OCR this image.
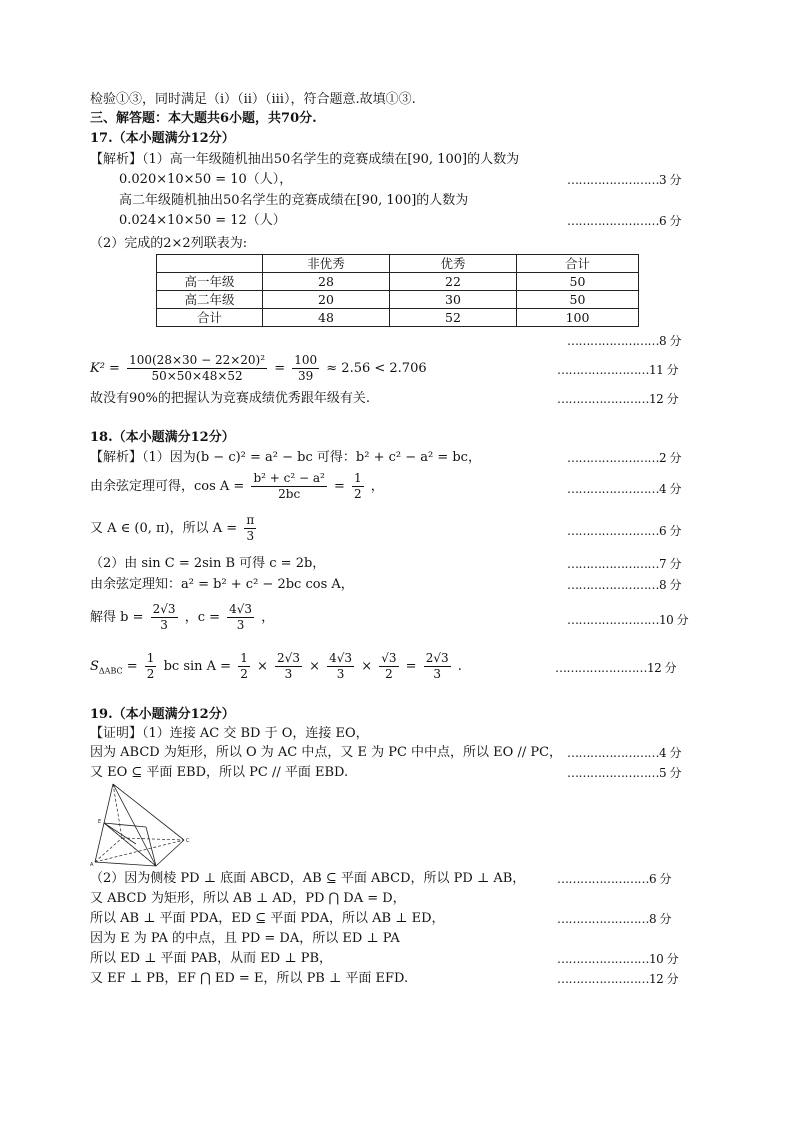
检验①③，同时满足（ⅰ）（ⅱ）（ⅲ），符合题意.故填①③.
三、解答题：本大题共6小题，共70分.
17.（本小题满分12分）
【解析】（1）高一年级随机抽出50名学生的竞赛成绩在[90, 100]的人数为
0.020×10×50 = 10（人），	……………………3 分
高二年级随机抽出50名学生的竞赛成绩在[90, 100]的人数为
0.024×10×50 = 12（人）	……………………6 分
（2）完成的2×2列联表为:
	非优秀	优秀	合计
高一年级	28	22	50
高二年级	20	30	50
合计	48	52	100
……………………8 分
$K^2 = \frac{\text{100(28×30 − 22×20)²}}{50\times 50\times 48\times 52} = \frac{100}{39} \approx 2.56 < 2.706$	……………………11 分
故没有90%的把握认为竞赛成绩优秀跟年级有关.	……………………12 分
18.（本小题满分12分）
【解析】（1）因为(b − c)² = a² − bc 可得：b² + c² − a² = bc，	……………………2 分
由余弦定理可得，$\cos A = \frac{\text{b² + c² − a²}}{2bc} = \frac{1}{2}$ ，	……………………4 分
又 A ∈ (0, π)，所以 $A = \frac{\pi}{3}$	……………………6 分
（2）由 sin C = 2sin B 可得 c = 2b，	……………………7 分
由余弦定理知：a² = b² + c² − 2bc cos A，	……………………8 分
解得 $b = \frac{2√3}{3}$ ，$c = \frac{4√3}{3}$ ，	……………………10 分
$S_{\Delta ABC} = \frac{1}{2}$ bc $\sin A = \frac{1}{2} \times \frac{2√3}{3} \times \frac{4√3}{3} \times \frac{√3}{2} = \frac{2√3}{3}$ .	……………………12 分
19.（本小题满分12分）
【证明】（1）连接 AC 交 BD 于 O，连接 EO，
因为 ABCD 为矩形，所以 O 为 AC 中点，又 E 为 PC 中中点，所以 EO // PC， ……………………4 分
又 EO ⊆ 平面 EBD，所以 PC // 平面 EBD.	……………………5 分
E
A
C
（2）因为侧棱 PD ⊥ 底面 ABCD，AB ⊆ 平面 ABCD，所以 PD ⊥ AB，	……………………6 分
又 ABCD 为矩形，所以 AB ⊥ AD，PD ⋂ DA = D，
所以 AB ⊥ 平面 PDA，ED ⊆ 平面 PDA，所以 AB ⊥ ED，	……………………8 分
因为 E 为 PA 的中点，且 PD = DA，所以 ED ⊥ PA
所以 ED ⊥ 平面 PAB，从而 ED ⊥ PB，	……………………10 分
又 EF ⊥ PB，EF ⋂ ED = E，所以 PB ⊥ 平面 EFD.	……………………12 分
